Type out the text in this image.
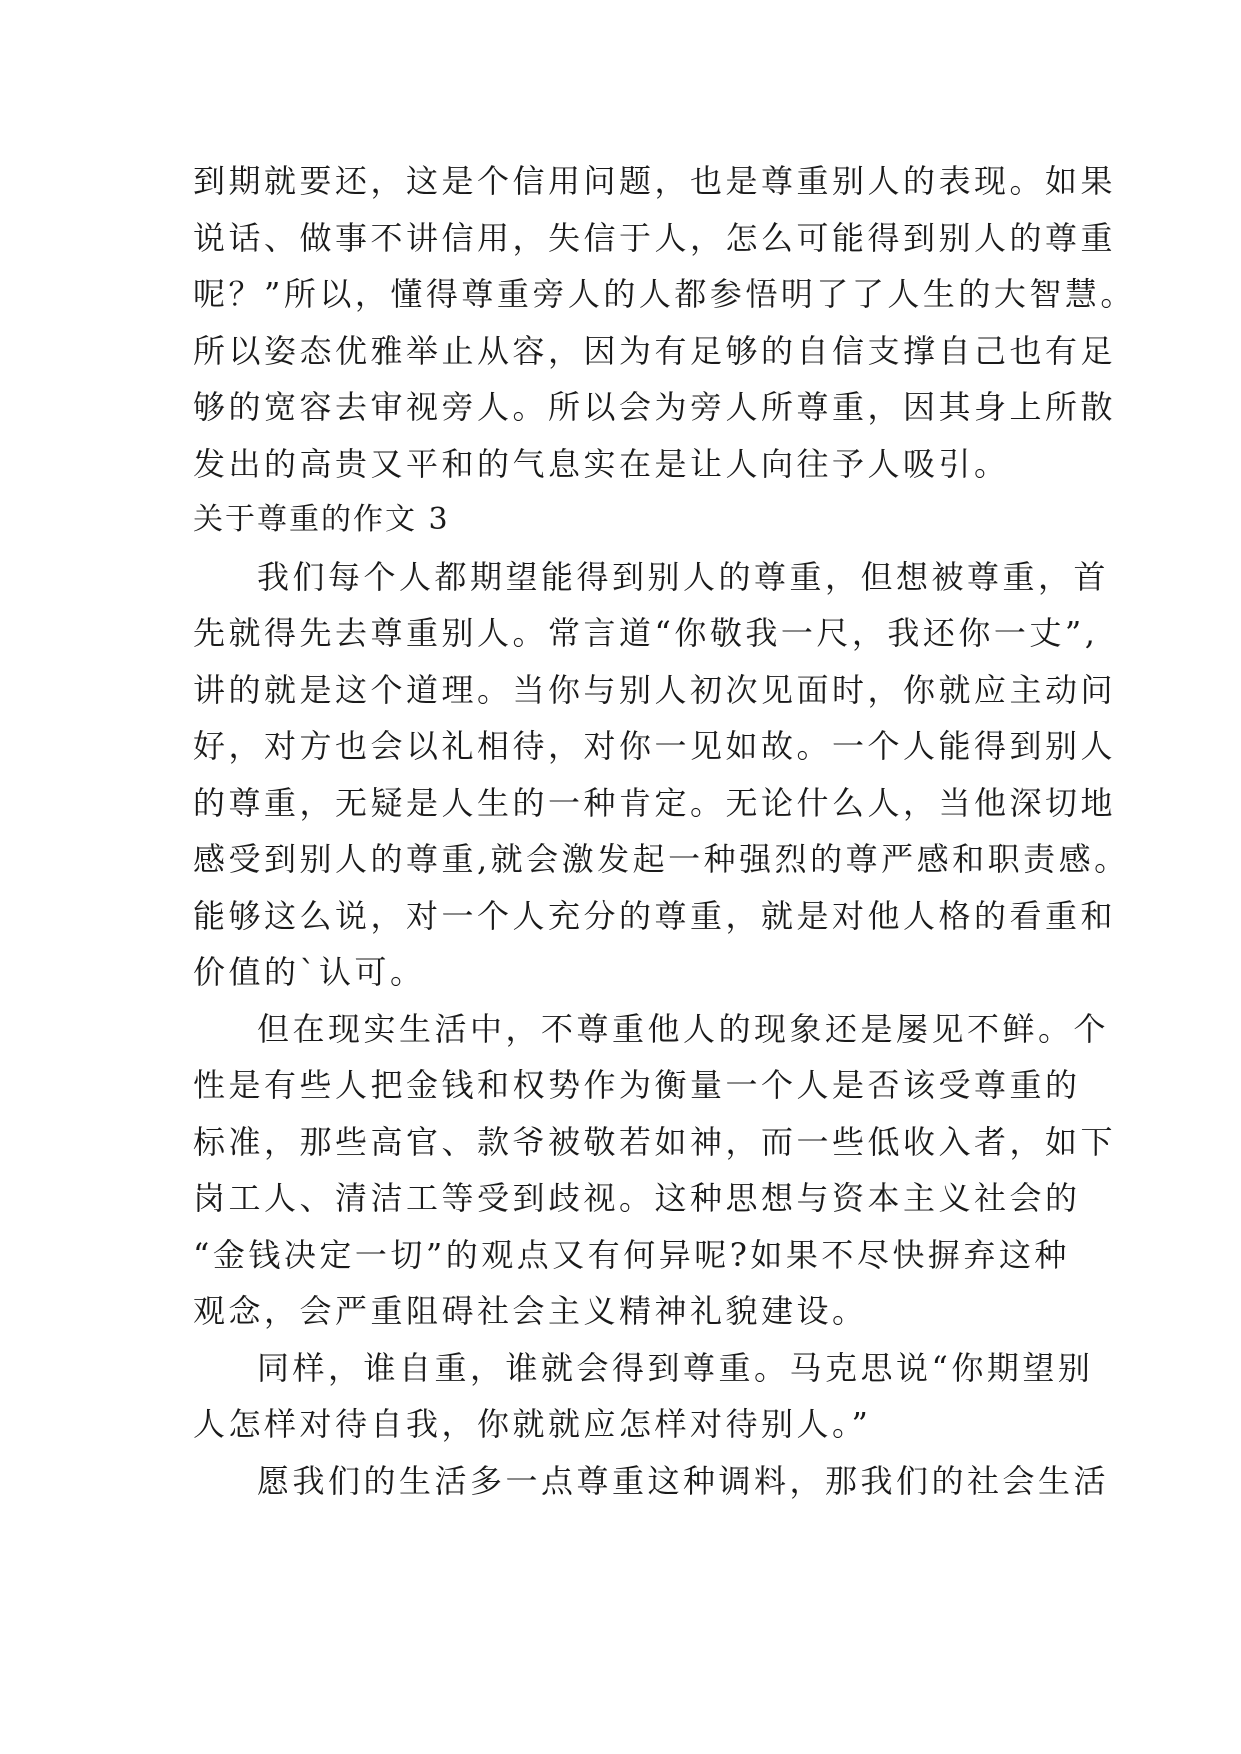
到期就要还，这是个信用问题，也是尊重别人的表现。如果
说话、做事不讲信用，失信于人，怎么可能得到别人的尊重
呢？”所以，懂得尊重旁人的人都参悟明了了人生的大智慧。
所以姿态优雅举止从容，因为有足够的自信支撑自己也有足
够的宽容去审视旁人。所以会为旁人所尊重，因其身上所散
发出的高贵又平和的气息实在是让人向往予人吸引。
关于尊重的作文 3
我们每个人都期望能得到别人的尊重，但想被尊重，首
先就得先去尊重别人。常言道“你敬我一尺，我还你一丈”,
讲的就是这个道理。当你与别人初次见面时，你就应主动问
好，对方也会以礼相待，对你一见如故。一个人能得到别人
的尊重，无疑是人生的一种肯定。无论什么人，当他深切地
感受到别人的尊重,就会激发起一种强烈的尊严感和职责感。
能够这么说，对一个人充分的尊重，就是对他人格的看重和
价值的`认可。
但在现实生活中，不尊重他人的现象还是屡见不鲜。个
性是有些人把金钱和权势作为衡量一个人是否该受尊重的
标准，那些高官、款爷被敬若如神，而一些低收入者，如下
岗工人、清洁工等受到歧视。这种思想与资本主义社会的
“金钱决定一切”的观点又有何异呢?如果不尽快摒弃这种
观念，会严重阻碍社会主义精神礼貌建设。
同样，谁自重，谁就会得到尊重。马克思说“你期望别
人怎样对待自我，你就就应怎样对待别人。”
愿我们的生活多一点尊重这种调料，那我们的社会生活
